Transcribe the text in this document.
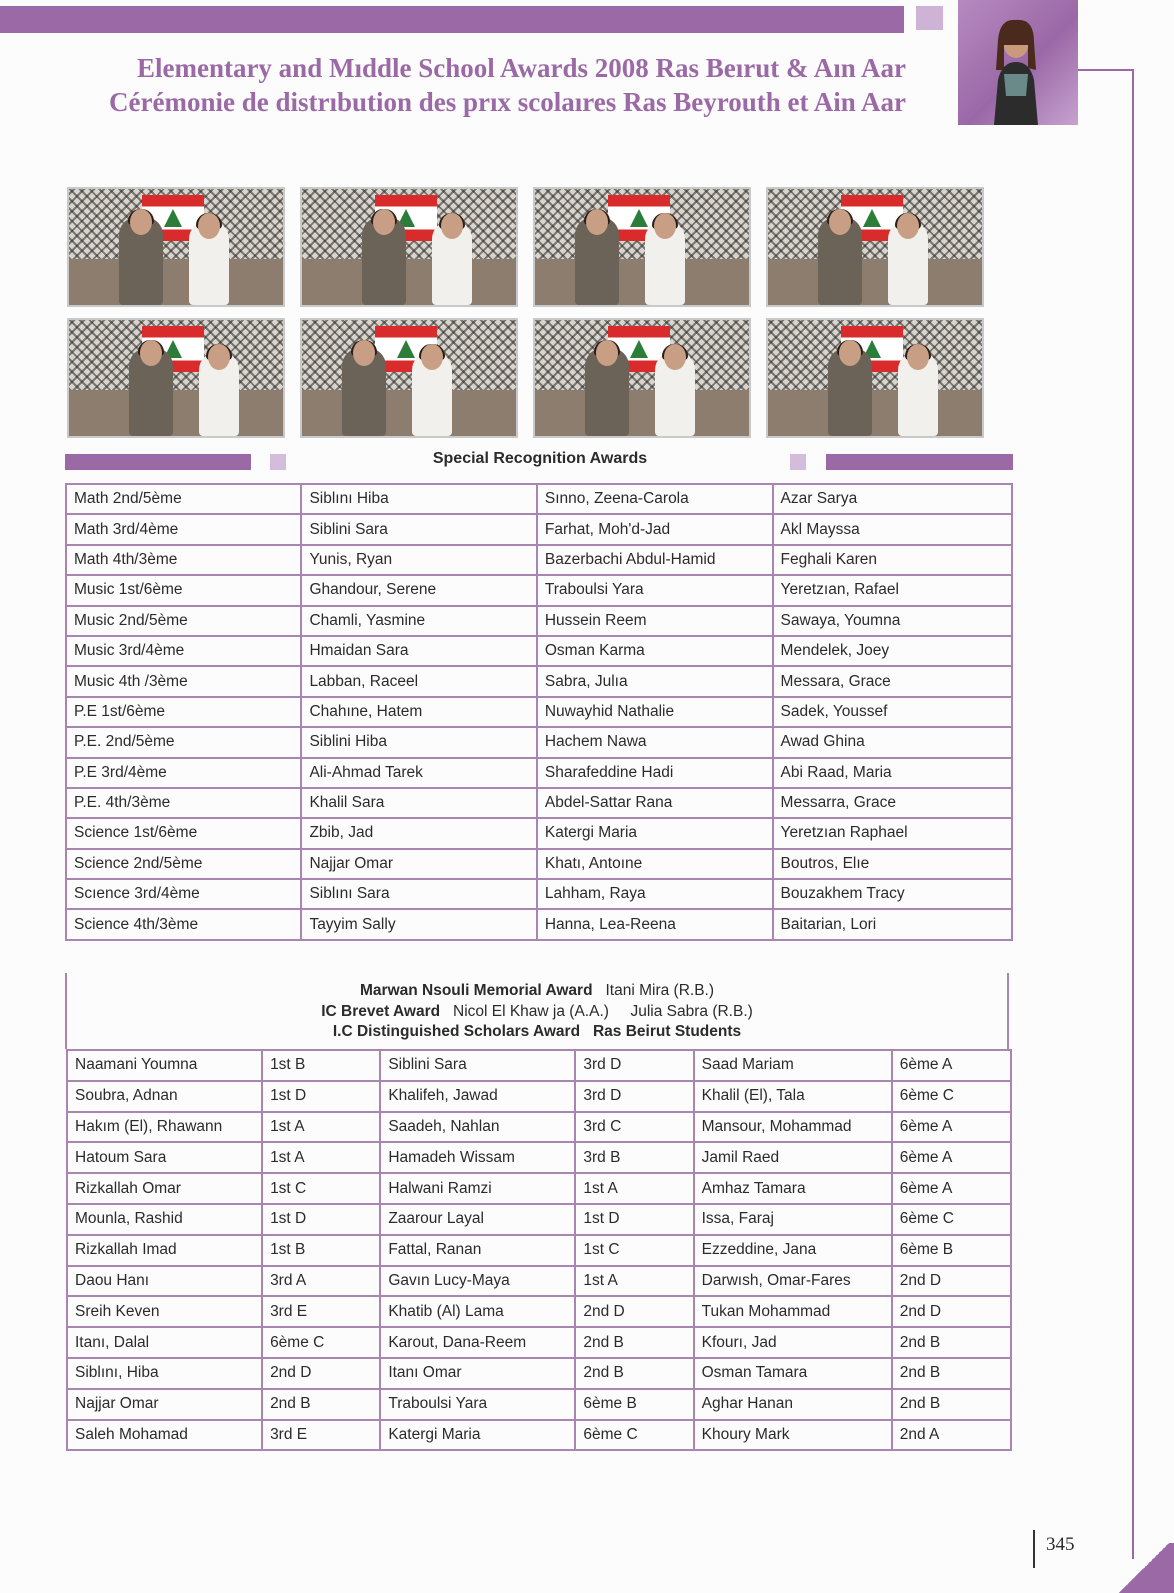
Elementary and Mıddle School Awards 2008 Ras Beırut & Aın Aar
Cérémonie de distrıbution des prıx scolaıres Ras Beyrouth et Ain Aar
Special Recognition Awards
Math 2nd/5ème	Siblını Hiba	Sınno, Zeena-Carola	Azar Sarya
Math 3rd/4ème	Siblini Sara	Farhat, Moh'd-Jad	Akl Mayssa
Math 4th/3ème	Yunis, Ryan	Bazerbachi Abdul-Hamid	Feghali Karen
Music 1st/6ème	Ghandour, Serene	Traboulsi Yara	Yeretzıan, Rafael
Music 2nd/5ème	Chamli, Yasmine	Hussein Reem	Sawaya, Youmna
Music 3rd/4ème	Hmaidan Sara	Osman Karma	Mendelek, Joey
Music 4th /3ème	Labban, Raceel	Sabra, Julıa	Messara, Grace
P.E 1st/6ème	Chahıne, Hatem	Nuwayhid Nathalie	Sadek, Youssef
P.E. 2nd/5ème	Siblini Hiba	Hachem Nawa	Awad Ghina
P.E 3rd/4ème	Ali-Ahmad Tarek	Sharafeddine Hadi	Abi Raad, Maria
P.E. 4th/3ème	Khalil Sara	Abdel-Sattar Rana	Messarra, Grace
Science 1st/6ème	Zbib, Jad	Katergi Maria	Yeretzıan Raphael
Science 2nd/5ème	Najjar Omar	Khatı, Antoıne	Boutros, Elıe
Scıence 3rd/4ème	Siblını Sara	Lahham, Raya	Bouzakhem Tracy
Science 4th/3ème	Tayyim Sally	Hanna, Lea-Reena	Baitarian, Lori
Marwan Nsouli Memorial Award Itani Mira (R.B.)
IC Brevet Award Nicol El Khaw ja (A.A.) Julia Sabra (R.B.)
I.C Distinguished Scholars Award Ras Beirut Students
Naamani Youmna	1st B	Siblini Sara	3rd D	Saad Mariam	6ème A
Soubra, Adnan	1st D	Khalifeh, Jawad	3rd D	Khalil (El), Tala	6ème C
Hakım (El), Rhawann	1st A	Saadeh, Nahlan	3rd C	Mansour, Mohammad	6ème A
Hatoum Sara	1st A	Hamadeh Wissam	3rd B	Jamil Raed	6ème A
Rizkallah Omar	1st C	Halwani Ramzi	1st A	Amhaz Tamara	6ème A
Mounla, Rashid	1st D	Zaarour Layal	1st D	Issa, Faraj	6ème C
Rizkallah Imad	1st B	Fattal, Ranan	1st C	Ezzeddine, Jana	6ème B
Daou Hanı	3rd A	Gavın Lucy-Maya	1st A	Darwısh, Omar-Fares	2nd D
Sreih Keven	3rd E	Khatib (Al) Lama	2nd D	Tukan Mohammad	2nd D
Itanı, Dalal	6ème C	Karout, Dana-Reem	2nd B	Kfourı, Jad	2nd B
Siblını, Hiba	2nd D	Itanı Omar	2nd B	Osman Tamara	2nd B
Najjar Omar	2nd B	Traboulsi Yara	6ème B	Aghar Hanan	2nd B
Saleh Mohamad	3rd E	Katergi Maria	6ème C	Khoury Mark	2nd A
345
